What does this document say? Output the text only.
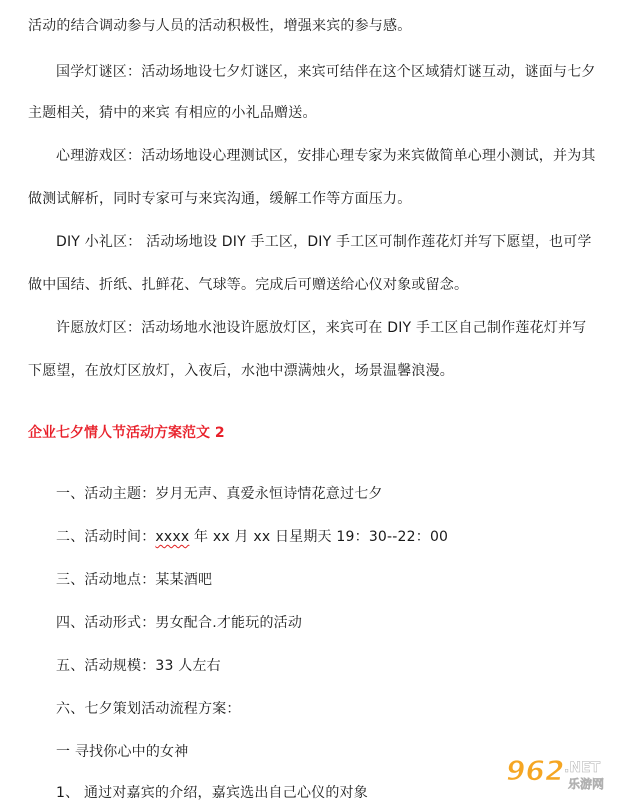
活动的结合调动参与人员的活动积极性，增强来宾的参与感。
国学灯谜区：活动场地设七夕灯谜区，来宾可结伴在这个区域猜灯谜互动，谜面与七夕
主题相关，猜中的来宾 有相应的小礼品赠送。
心理游戏区：活动场地设心理测试区，安排心理专家为来宾做简单心理小测试，并为其
做测试解析，同时专家可与来宾沟通，缓解工作等方面压力。
DIY 小礼区： 活动场地设 DIY 手工区，DIY 手工区可制作莲花灯并写下愿望，也可学
做中国结、折纸、扎鲜花、气球等。完成后可赠送给心仪对象或留念。
许愿放灯区：活动场地水池设许愿放灯区，来宾可在 DIY 手工区自己制作莲花灯并写
下愿望，在放灯区放灯，入夜后，水池中漂满烛火，场景温馨浪漫。
企业七夕情人节活动方案范文 2
一、活动主题：岁月无声、真爱永恒诗情花意过七夕
二、活动时间：xxxx 年 xx 月 xx 日星期天 19：30--22：00
三、活动地点：某某酒吧
四、活动形式：男女配合.才能玩的活动
五、活动规模：33 人左右
六、七夕策划活动流程方案：
一 寻找你心中的女神
1、 通过对嘉宾的介绍，嘉宾选出自己心仪的对象
962 .NET
乐游网
